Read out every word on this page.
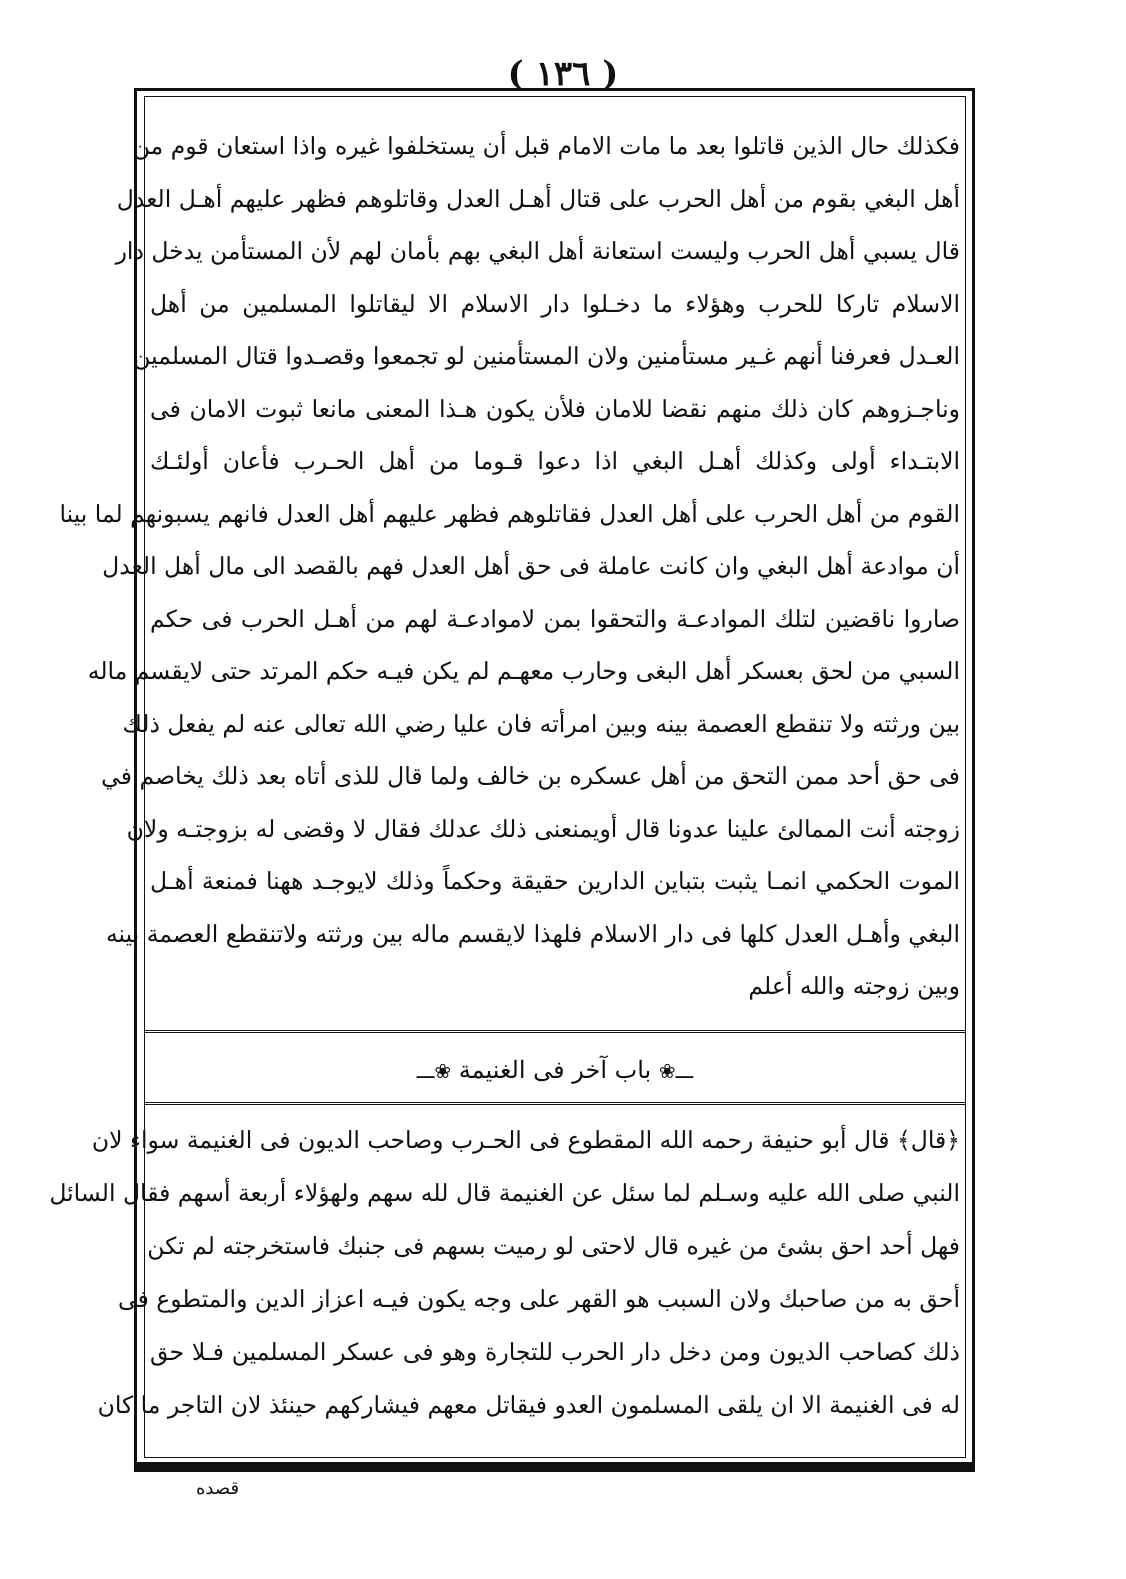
( ١٣٦ )
فكذلك حال الذين قاتلوا بعد ما مات الامام قبل أن يستخلفوا غيره واذا استعان قوم من
أهل البغي بقوم من أهل الحرب على قتال أهـل العدل وقاتلوهم فظهر عليهم أهـل العدل
قال يسبي أهل الحرب وليست استعانة أهل البغي بهم بأمان لهم لأن المستأمن يدخل دار
الاسلام تاركا للحرب وهؤلاء ما دخـلوا دار الاسلام الا ليقاتلوا المسلمين من أهل
العـدل فعرفنا أنهم غـير مستأمنين ولان المستأمنين لو تجمعوا وقصـدوا قتال المسلمين
وناجـزوهم كان ذلك منهم نقضا للامان فلأن يكون هـذا المعنى مانعا ثبوت الامان فى
الابتـداء أولى وكذلك أهـل البغي اذا دعوا قـوما من أهل الحـرب فأعان أولئـك
القوم من أهل الحرب على أهل العدل فقاتلوهم فظهر عليهم أهل العدل فانهم يسبونهم لما بينا
أن موادعة أهل البغي وان كانت عاملة فى حق أهل العدل فهم بالقصد الى مال أهل العدل
صاروا ناقضين لتلك الموادعـة والتحقوا بمن لاموادعـة لهم من أهـل الحرب فى حكم
السبي من لحق بعسكر أهل البغى وحارب معهـم لم يكن فيـه حكم المرتد حتى لايقسم ماله
بين ورثته ولا تنقطع العصمة بينه وبين امرأته فان عليا رضي الله تعالى عنه لم يفعل ذلك
فى حق أحد ممن التحق من أهل عسكره بن خالف ولما قال للذى أتاه بعد ذلك يخاصم في
زوجته أنت الممالئ علينا عدونا قال أويمنعنى ذلك عدلك فقال لا وقضى له بزوجتـه ولان
الموت الحكمي انمـا يثبت بتباين الدارين حقيقة وحكماً وذلك لايوجـد ههنا فمنعة أهـل
البغي وأهـل العدل كلها فى دار الاسلام فلهذا لايقسم ماله بين ورثته ولاتنقطع العصمة بينه
وبين زوجته والله أعلم
ـــ❀ باب آخر فى الغنيمة ❀ـــ
﴿قال﴾ قال أبو حنيفة رحمه الله المقطوع فى الحـرب وصاحب الديون فى الغنيمة سواء لان
النبي صلى الله عليه وسـلم لما سئل عن الغنيمة قال لله سهم ولهؤلاء أربعة أسهم فقال السائل
فهل أحد احق بشئ من غيره قال لاحتى لو رميت بسهم فى جنبك فاستخرجته لم تكن
أحق به من صاحبك ولان السبب هو القهر على وجه يكون فيـه اعزاز الدين والمتطوع فى
ذلك كصاحب الديون ومن دخل دار الحرب للتجارة وهو فى عسكر المسلمين فـلا حق
له فى الغنيمة الا ان يلقى المسلمون العدو فيقاتل معهم فيشاركهم حينئذ لان التاجر ما كان
قصده
